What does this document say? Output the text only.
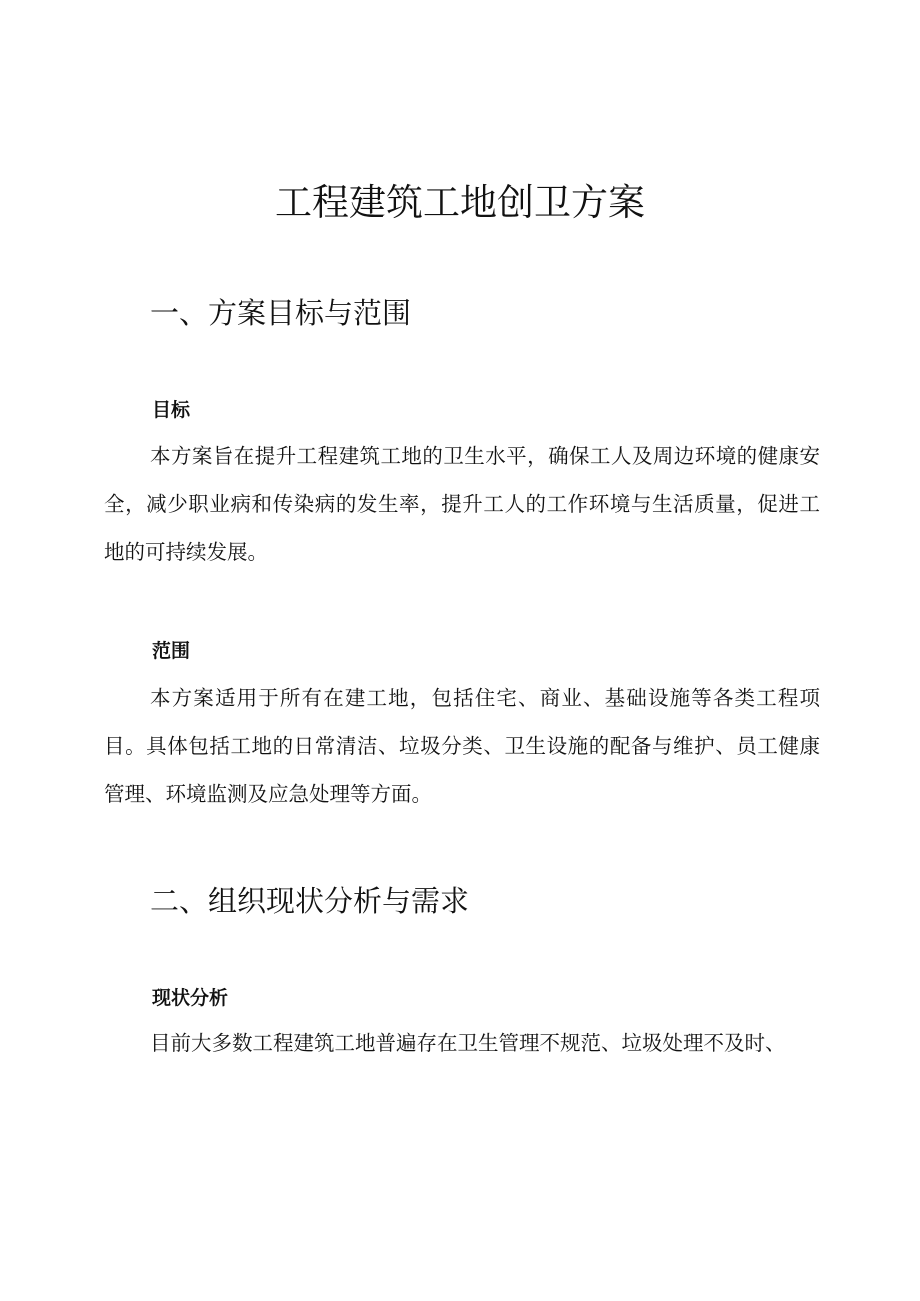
工程建筑工地创卫方案
一、方案目标与范围
目标

本方案旨在提升工程建筑工地的卫生水平，确保工人及周边环境的健康安全，减少职业病和传染病的发生率，提升工人的工作环境与生活质量，促进工地的可持续发展。

范围

本方案适用于所有在建工地，包括住宅、商业、基础设施等各类工程项目。具体包括工地的日常清洁、垃圾分类、卫生设施的配备与维护、员工健康管理、环境监测及应急处理等方面。

二、组织现状分析与需求
现状分析

目前大多数工程建筑工地普遍存在卫生管理不规范、垃圾处理不及时、
